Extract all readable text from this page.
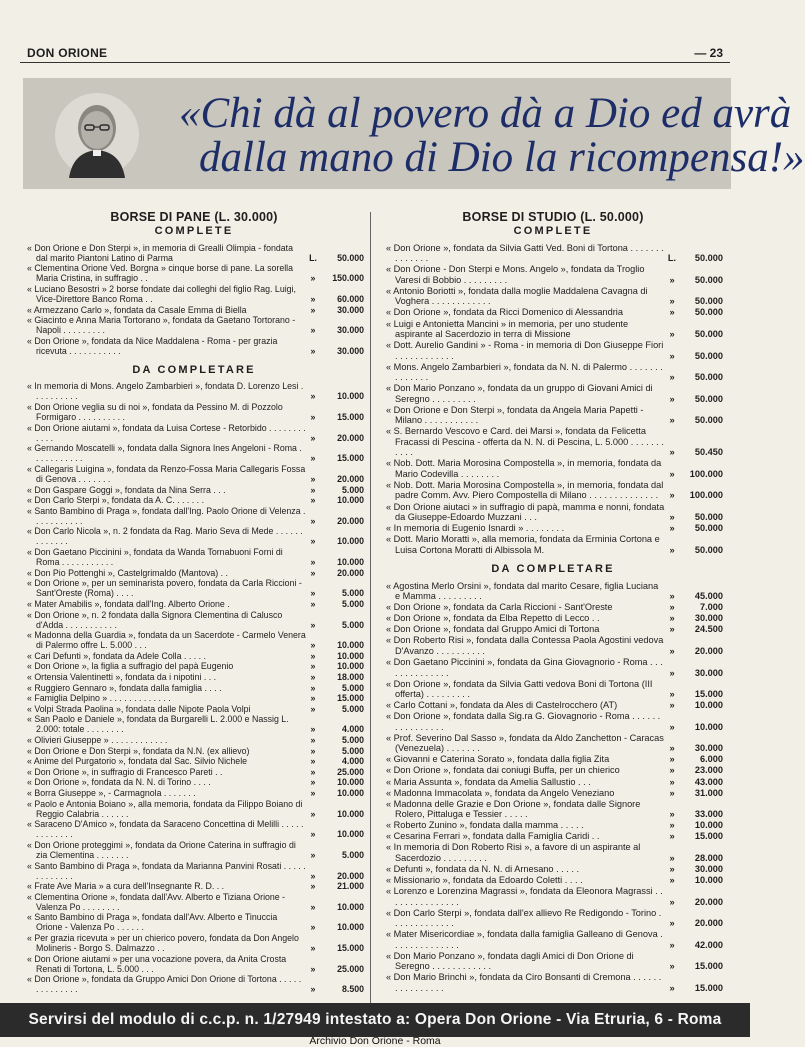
DON ORIONE	— 23
«Chi dà al povero dà a Dio ed avrà
dalla mano di Dio la ricompensa!»
BORSE DI PANE (L. 30.000)
COMPLETE
« Don Orione e Don Sterpi », in memoria di Grealli Olimpia - fondata dal marito Piantoni Latino di Parma	L.	50.000
« Clementina Orione Ved. Borgna » cinque borse di pane. La sorella Maria Cristina, in suffragio . .	»	150.000
« Luciano Besostri » 2 borse fondate dai colleghi del figlio Rag. Luigi, Vice-Direttore Banco Roma . .	»	60.000
« Armezzano Carlo », fondata da Casale Emma di Biella	»	30.000
« Giacinto e Anna Maria Tortorano », fondata da Gaetano Tortorano - Napoli . . . . . . . . .	»	30.000
« Don Orione », fondata da Nice Maddalena - Roma - per grazia ricevuta . . . . . . . . . . .	»	30.000
DA COMPLETARE
« In memoria di Mons. Angelo Zambarbieri », fondata D. Lorenzo Lesi . . . . . . . . . .	»	10.000
« Don Orione veglia su di noi », fondata da Pessino M. di Pozzolo Formigaro . . . . . . . . . .	»	15.000
« Don Orione aiutami », fondata da Luisa Cortese - Retorbido . . . . . . . . . . . .	»	20.000
« Gernando Moscatelli », fondata dalla Signora Ines Angeloni - Roma . . . . . . . . . . .	»	15.000
« Callegaris Luigina », fondata da Renzo-Fossa Maria Callegaris Fossa di Genova . . . . . . .	»	20.000
« Don Gaspare Goggi », fondata da Nina Serra . . .	»	5.000
« Don Carlo Sterpi », fondata da A. C. . . . . . .	»	10.000
« Santo Bambino di Praga », fondata dall'Ing. Paolo Orione di Velenza . . . . . . . . . . .	»	20.000
« Don Carlo Nicola », n. 2 fondata da Rag. Mario Seva di Mede . . . . . . . . . . . . .	»	10.000
« Don Gaetano Piccinini », fondata da Wanda Tornabuoni Forni di Roma . . . . . . . . . . .	»	10.000
« Don Pio Pottenghi », Castelgrimaldo (Mantova) . .	»	20.000
« Don Orione », per un seminarista povero, fondata da Carla Riccioni - Sant'Oreste (Roma) . . . .	»	5.000
« Mater Amabilis », fondata dall'Ing. Alberto Orione .	»	5.000
« Don Orione », n. 2 fondata dalla Signora Clementina di Calusco d'Adda . . . . . . . . . . .	»	5.000
« Madonna della Guardia », fondata da un Sacerdote - Carmelo Venera di Palermo offre L. 5.000 . . .	»	10.000
« Cari Defunti », fondata da Adele Colla . . . . .	»	10.000
« Don Orione », la figlia a suffragio del papà Eugenio	»	10.000
« Ortensia Valentinetti », fondata da i nipotini . . .	»	18.000
« Ruggiero Gennaro », fondata dalla famiglia . . . .	»	5.000
« Famiglia Delpino » . . . . . . . . . . . . .	»	15.000
« Volpi Strada Paolina », fondata dalle Nipote Paola Volpi	»	5.000
« San Paolo e Daniele », fondata da Burgarelli L. 2.000 e Nassig L. 2.000: totale . . . . . . . .	»	4.000
« Olivieri Giuseppe » . . . . . . . . . . . .	»	5.000
« Don Orione e Don Sterpi », fondata da N.N. (ex allievo)	»	5.000
« Anime del Purgatorio », fondata dal Sac. Silvio Nichele	»	4.000
« Don Orione », in suffragio di Francesco Pareti . .	»	25.000
« Don Orione », fondata da N. N. di Torino . . . .	»	10.000
« Borra Giuseppe », - Carmagnola . . . . . . .	»	10.000
« Paolo e Antonia Boiano », alla memoria, fondata da Filippo Boiano di Reggio Calabria . . . . . .	»	10.000
« Saraceno D'Amico », fondata da Saraceno Concettina di Melilli . . . . . . . . . . . . .	»	10.000
« Don Orione proteggimi », fondata da Orione Caterina in suffragio di zia Clementina . . . . . . .	»	5.000
« Santo Bambino di Praga », fondata da Marianna Panvini Rosati . . . . . . . . . . . . .	»	20.000
« Frate Ave Maria » a cura dell'Insegnante R. D. . .	»	21.000
« Clementina Orione », fondata dall'Avv. Alberto e Tiziana Orione - Valenza Po . . . . . . . .	»	10.000
« Santo Bambino di Praga », fondata dall'Avv. Alberto e Tinuccia Orione - Valenza Po . . . . . .	»	10.000
« Per grazia ricevuta » per un chierico povero, fondata da Don Angelo Molineris - Borgo S. Dalmazzo . .	»	15.000
« Don Orione aiutami » per una vocazione povera, da Anita Crosta Renati di Tortona, L. 5.000 . . .	»	25.000
« Don Orione », fondata da Gruppo Amici Don Orione di Tortona . . . . . . . . . . . . . .	»	8.500
BORSE DI STUDIO (L. 50.000)
COMPLETE
« Don Orione », fondata da Silvia Gatti Ved. Boni di Tortona . . . . . . . . . . . . . .	L.	50.000
« Don Orione - Don Sterpi e Mons. Angelo », fondata da Troglio Varesi di Bobbio . . . . . . . . .	»	50.000
« Antonio Boriotti », fondata dalla moglie Maddalena Cavagna di Voghera . . . . . . . . . . . .	»	50.000
« Don Orione », fondata da Ricci Domenico di Alessandria	»	50.000
« Luigi e Antonietta Mancini » in memoria, per uno studente aspirante al Sacerdozio in terra di Missione	»	50.000
« Dott. Aurelio Gandini » - Roma - in memoria di Don Giuseppe Fiori . . . . . . . . . . . .	»	50.000
« Mons. Angelo Zambarbieri », fondata da N. N. di Palermo . . . . . . . . . . . . . .	»	50.000
« Don Mario Ponzano », fondata da un gruppo di Giovani Amici di Seregno . . . . . . . . .	»	50.000
« Don Orione e Don Sterpi », fondata da Angela Maria Papetti - Milano . . . . . . . . . . .	»	50.000
« S. Bernardo Vescovo e Card. dei Marsi », fondata da Felicetta Fracassi di Pescina - offerta da N. N. di Pescina, L. 5.000 . . . . . . . . . . .	»	50.450
« Nob. Dott. Maria Morosina Compostella », in memoria, fondata da Mario Codevilla . . . . . . . .	»	100.000
« Nob. Dott. Maria Morosina Compostella », in memoria, fondata dal padre Comm. Avv. Piero Compostella di Milano . . . . . . . . . . . . . .	»	100.000
« Don Orione aiutaci » in suffragio di papà, mamma e nonni, fondata da Giuseppe-Edoardo Muzzani . . .	»	50.000
« In memoria di Eugenio Isnardi » . . . . . . . .	»	50.000
« Dott. Mario Moratti », alla memoria, fondata da Erminia Cortona e Luisa Cortona Moratti di Albissola M.	»	50.000
DA COMPLETARE
« Agostina Merlo Orsini », fondata dal marito Cesare, figlia Luciana e Mamma . . . . . . . . .	»	45.000
« Don Orione », fondata da Carla Riccioni - Sant'Oreste	»	7.000
« Don Orione », fondata da Elba Repetto di Lecco . .	»	30.000
« Don Orione », fondata dal Gruppo Amici di Tortona	»	24.500
« Don Roberto Risi », fondata dalla Contessa Paola Agostini vedova D'Avanzo . . . . . . . . . .	»	20.000
« Don Gaetano Piccinini », fondata da Gina Giovagnorio - Roma . . . . . . . . . . . . . .	»	30.000
« Don Orione », fondata da Silvia Gatti vedova Boni di Tortona (III offerta) . . . . . . . . .	»	15.000
« Carlo Cottani », fondata da Ales di Castelrocchero (AT)	»	10.000
« Don Orione », fondata dalla Sig.ra G. Giovagnorio - Roma . . . . . . . . . . . . . . . .	»	10.000
« Prof. Severino Dal Sasso », fondata da Aldo Zanchetton - Caracas (Venezuela) . . . . . . .	»	30.000
« Giovanni e Caterina Sorato », fondata dalla figlia Zita	»	6.000
« Don Orione », fondata dai coniugi Buffa, per un chierico	»	23.000
« Maria Assunta », fondata da Amelia Sallustio . . .	»	43.000
« Madonna Immacolata », fondata da Angelo Veneziano	»	31.000
« Madonna delle Grazie e Don Orione », fondata dalle Signore Rolero, Pittaluga e Tessier . . . . .	»	33.000
« Roberto Zunino », fondata dalla mamma . . . . .	»	10.000
« Cesarina Ferrari », fondata dalla Famiglia Caridi . .	»	15.000
« In memoria di Don Roberto Risi », a favore di un aspirante al Sacerdozio . . . . . . . . .	»	28.000
« Defunti », fondata da N. N. di Arnesano . . . . .	»	30.000
« Missionario », fondata da Edoardo Coletti . . . .	»	10.000
« Lorenzo e Lorenzina Magrassi », fondata da Eleonora Magrassi . . . . . . . . . . . . . . .	»	20.000
« Don Carlo Sterpi », fondata dall'ex allievo Re Redigondo - Torino . . . . . . . . . . . . .	»	20.000
« Mater Misericordiae », fondata dalla famiglia Galleano di Genova . . . . . . . . . . . . . .	»	42.000
« Don Mario Ponzano », fondata dagli Amici di Don Orione di Seregno . . . . . . . . . . . .	»	15.000
« Don Mario Brinchi », fondata da Ciro Bonsanti di Cremona . . . . . . . . . . . . . . . .	»	15.000
Servirsi del modulo di c.c.p. n. 1/27949 intestato a: Opera Don Orione - Via Etruria, 6 - Roma
Archivio Don Orione - Roma
